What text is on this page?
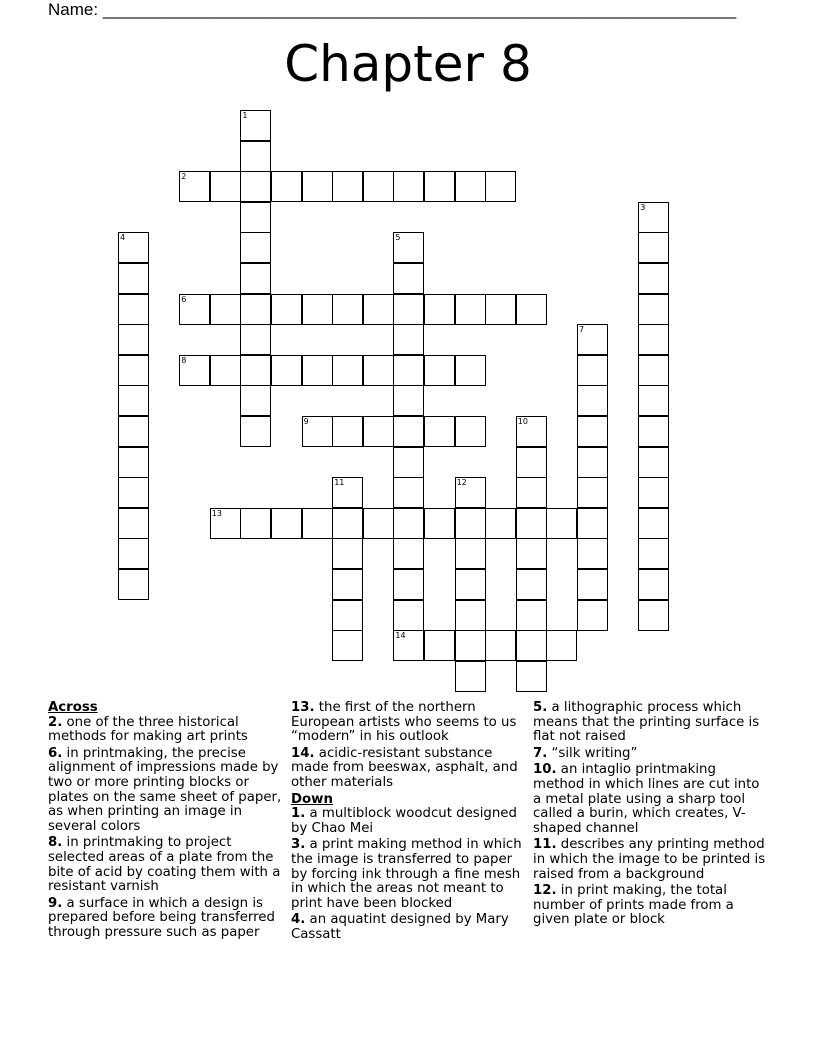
Name: ___________________________________________________________________
Chapter 8
1
2
3
4	5
6
7
8
9	10
11	12
13
14
Across
2. one of the three historical methods for making art prints
6. in printmaking, the precise alignment of impressions made by two or more printing blocks or plates on the same sheet of paper, as when printing an image in several colors
8. in printmaking to project selected areas of a plate from the bite of acid by coating them with a resistant varnish
9. a surface in which a design is prepared before being transferred through pressure such as paper
13. the first of the northern European artists who seems to us “modern” in his outlook
14. acidic-resistant substance made from beeswax, asphalt, and other materials
Down
1. a multiblock woodcut designed by Chao Mei
3. a print making method in which the image is transferred to paper by forcing ink through a fine mesh in which the areas not meant to print have been blocked
4. an aquatint designed by Mary Cassatt
5. a lithographic process which means that the printing surface is flat not raised
7. “silk writing”
10. an intaglio printmaking method in which lines are cut into a metal plate using a sharp tool called a burin, which creates, V-shaped channel
11. describes any printing method in which the image to be printed is raised from a background
12. in print making, the total number of prints made from a given plate or block
